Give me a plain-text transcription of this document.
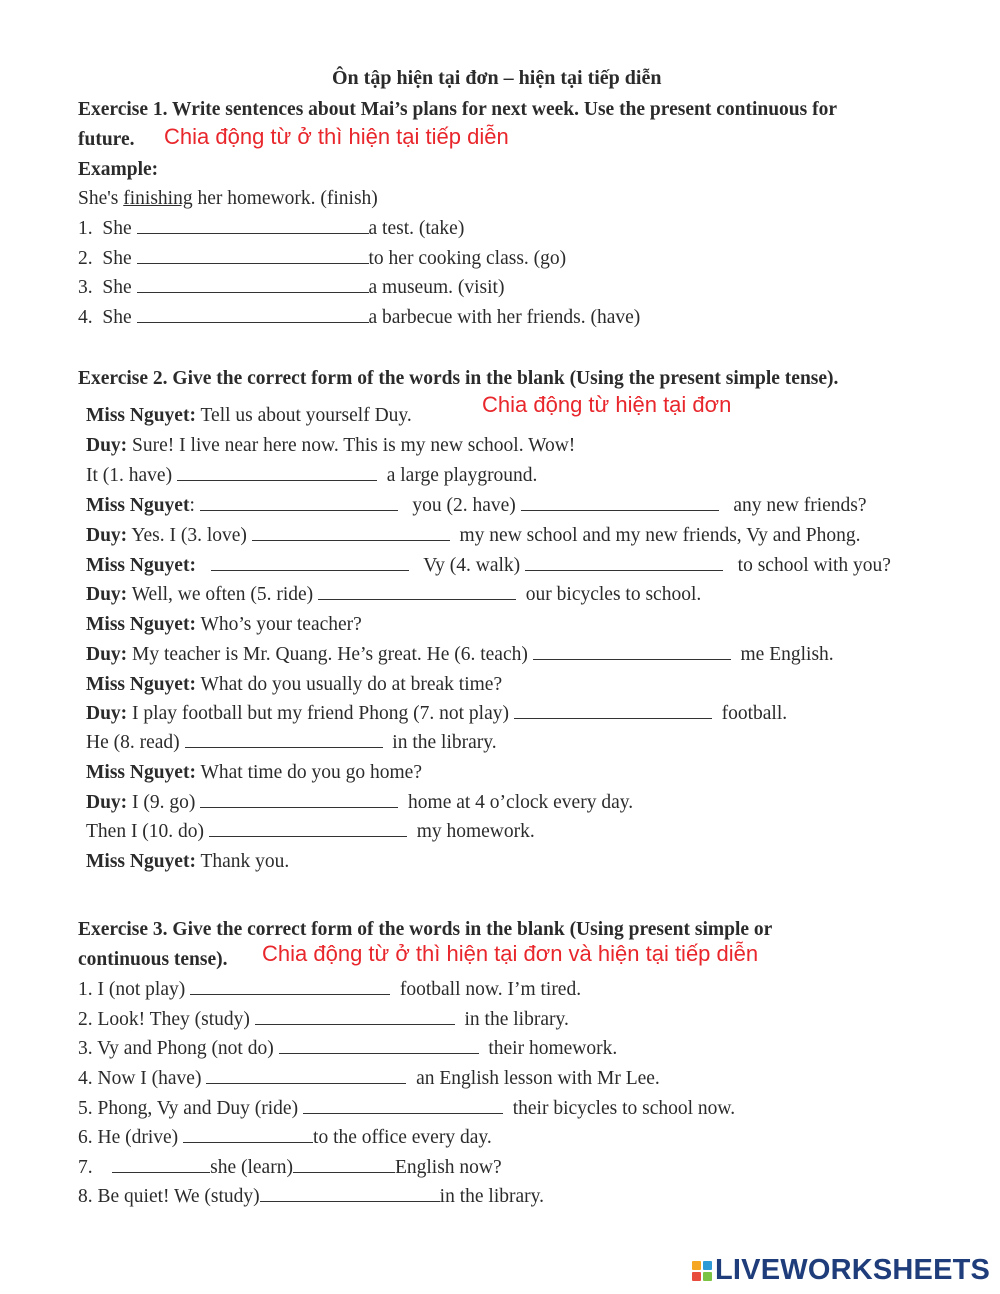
Ôn tập hiện tại đơn – hiện tại tiếp diễn
Exercise 1. Write sentences about Mai’s plans for next week. Use the present continuous for
future. Chia động từ ở thì hiện tại tiếp diễn
Example:
She's finishing her homework. (finish)
1. She	a test. (take)
2. She	to her cooking class. (go)
3. She	a museum. (visit)
4. She	a barbecue with her friends. (have)
Exercise 2. Give the correct form of the words in the blank (Using the present simple tense).
Chia động từ hiện tại đơn
Miss Nguyet: Tell us about yourself Duy.
Duy: Sure! I live near here now. This is my new school. Wow!
It (1. have)	a large playground.
Miss Nguyet:	you (2. have)	any new friends?
Duy: Yes. I (3. love)	my new school and my new friends, Vy and Phong.
Miss Nguyet:	Vy (4. walk)	to school with you?
Duy: Well, we often (5. ride)	our bicycles to school.
Miss Nguyet: Who’s your teacher?
Duy: My teacher is Mr. Quang. He’s great. He (6. teach)	me English.
Miss Nguyet: What do you usually do at break time?
Duy: I play football but my friend Phong (7. not play)	football.
He (8. read)	in the library.
Miss Nguyet: What time do you go home?
Duy: I (9. go)	home at 4 o’clock every day.
Then I (10. do)	my homework.
Miss Nguyet: Thank you.
Exercise 3. Give the correct form of the words in the blank (Using present simple or
continuous tense). Chia động từ ở thì hiện tại đơn và hiện tại tiếp diễn
1. I (not play)	football now. I’m tired.
2. Look! They (study)	in the library.
3. Vy and Phong (not do)	their homework.
4. Now I (have)	an English lesson with Mr Lee.
5. Phong, Vy and Duy (ride)	their bicycles to school now.
6. He (drive)	to the office every day.
7.	she (learn)	English now?
8. Be quiet! We (study)	in the library.
LIVEWORKSHEETS
